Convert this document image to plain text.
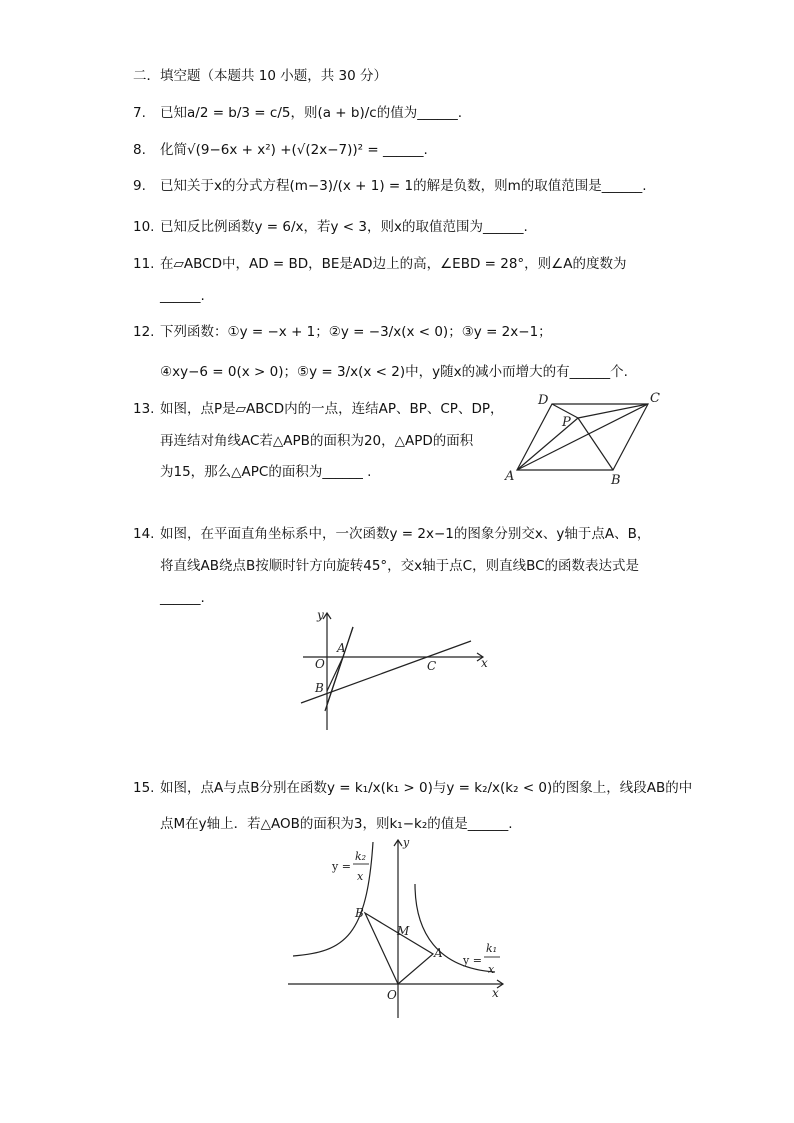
二．填空题（本题共 10 小题，共 30 分）
7. 已知a/2 = b/3 = c/5，则(a + b)/c的值为______.
8. 化简√(9−6x + x²) +(√(2x−7))² = ______.
9. 已知关于x的分式方程(m−3)/(x + 1) = 1的解是负数，则m的取值范围是______.
10. 已知反比例函数y = 6/x，若y < 3，则x的取值范围为______.
11. 在▱ABCD中，AD = BD，BE是AD边上的高，∠EBD = 28°，则∠A的度数为
______.
12. 下列函数：①y = −x + 1；②y = −3/x(x < 0)；③y = 2x−1；
④xy−6 = 0(x > 0)；⑤y = 3/x(x < 2)中，y随x的减小而增大的有______个.
13. 如图，点P是▱ABCD内的一点，连结AP、BP、CP、DP，
再连结对角线AC若△APB的面积为20，△APD的面积
为15，那么△APC的面积为______ .
D	C
P
A	B
14. 如图，在平面直角坐标系中，一次函数y = 2x−1的图象分别交x、y轴于点A、B，
将直线AB绕点B按顺时针方向旋转45°，交x轴于点C，则直线BC的函数表达式是
______.
y
A
O	C	x
B
15. 如图，点A与点B分别在函数y = k₁/x(k₁ > 0)与y = k₂/x(k₂ < 0)的图象上，线段AB的中
点M在y轴上．若△AOB的面积为3，则k₁−k₂的值是______.
y
y =
k₂
x
B
M
A
y =
k₁
x
O	x
